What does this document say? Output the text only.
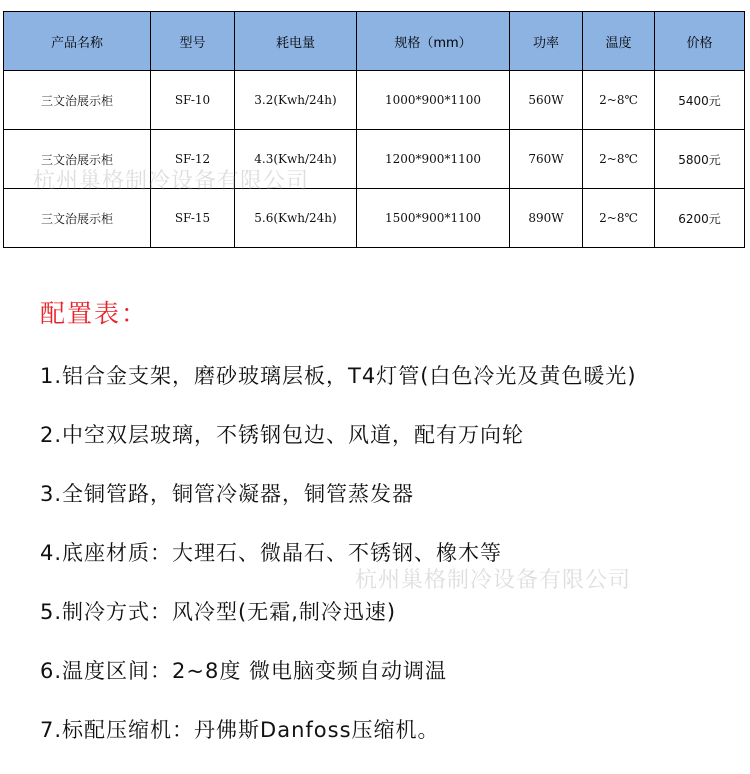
产品名称	型号	耗电量	规格（mm）	功率	温度	价格
三文治展示柜	SF-10	3.2(Kwh/24h)	1000*900*1100	560W	2~8℃	5400元
三文治展示柜	SF-12	4.3(Kwh/24h)	1200*900*1100	760W	2~8℃	5800元
三文治展示柜	SF-15	5.6(Kwh/24h)	1500*900*1100	890W	2~8℃	6200元
杭州巢格制冷设备有限公司
配置表：
1.铝合金支架，磨砂玻璃层板，T4灯管(白色冷光及黄色暖光)
2.中空双层玻璃，不锈钢包边、风道，配有万向轮
3.全铜管路，铜管冷凝器，铜管蒸发器
4.底座材质：大理石、微晶石、不锈钢、橡木等
5.制冷方式：风冷型(无霜,制冷迅速)
6.温度区间：2~8度 微电脑变频自动调温
7.标配压缩机：丹佛斯Danfoss压缩机。
杭州巢格制冷设备有限公司
